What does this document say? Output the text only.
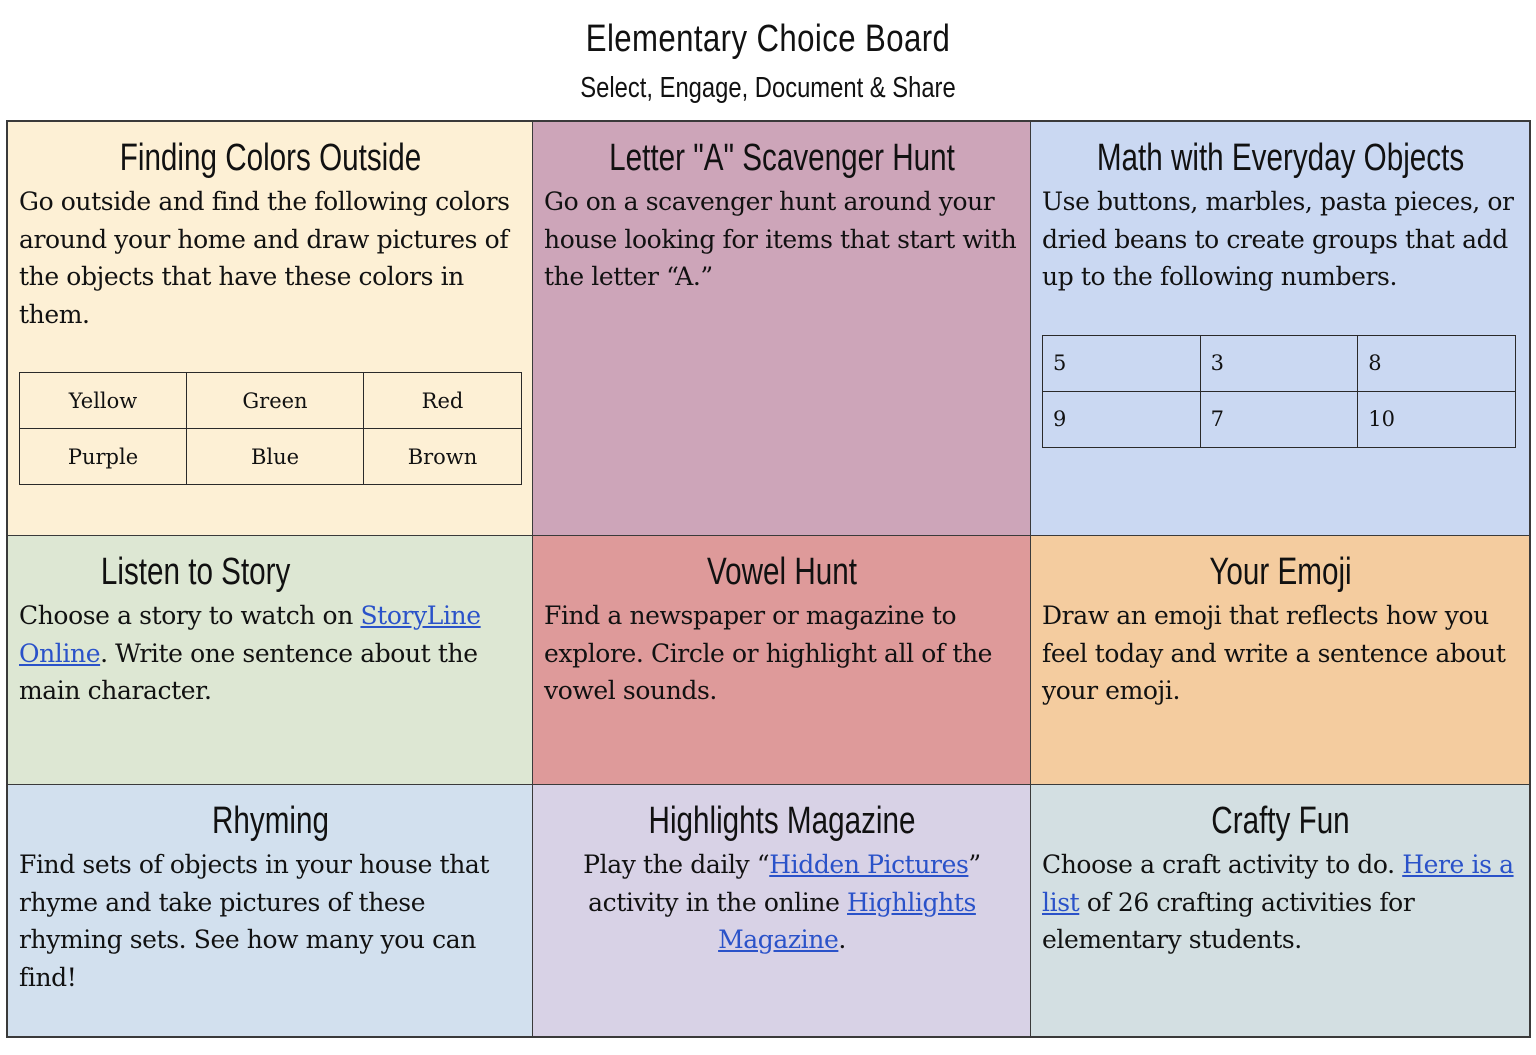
Elementary Choice Board
Select, Engage, Document & Share
Finding Colors Outside
Go outside and find the following colors around your home and draw pictures of the objects that have these colors in them.
Yellow	Green	Red
Purple	Blue	Brown
Letter "A" Scavenger Hunt
Go on a scavenger hunt around your house looking for items that start with the letter “A.”
Math with Everyday Objects
Use buttons, marbles, pasta pieces, or dried beans to create groups that add up to the following numbers.
5	3	8
9	7	10
Listen to Story
Choose a story to watch on StoryLine Online. Write one sentence about the main character.
Vowel Hunt
Find a newspaper or magazine to explore. Circle or highlight all of the vowel sounds.
Your Emoji
Draw an emoji that reflects how you feel today and write a sentence about your emoji.
Rhyming
Find sets of objects in your house that rhyme and take pictures of these rhyming sets. See how many you can find!
Highlights Magazine
Play the daily “Hidden Pictures” activity in the online Highlights Magazine.
Crafty Fun
Choose a craft activity to do. Here is a list of 26 crafting activities for elementary students.
